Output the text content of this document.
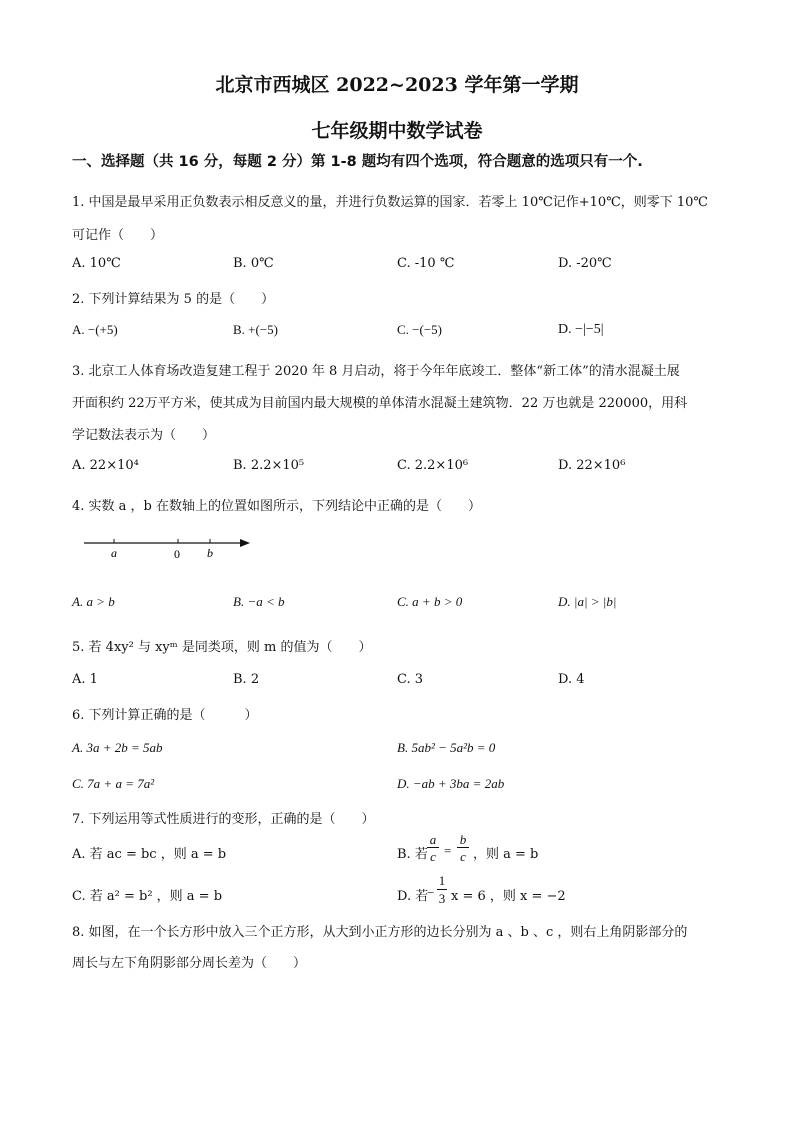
北京市西城区 2022~2023 学年第一学期
七年级期中数学试卷
一、选择题（共 16 分，每题 2 分）第 1-8 题均有四个选项，符合题意的选项只有一个.
1. 中国是最早采用正负数表示相反意义的量，并进行负数运算的国家．若零上 10℃记作+10℃，则零下 10℃
可记作（　　）
A. 10℃	B. 0℃	C. -10 ℃	D. -20℃
2. 下列计算结果为 5 的是（　　）
A. −(+5)	B. +(−5)	C. −(−5)	D. −|−5|
3. 北京工人体育场改造复建工程于 2020 年 8 月启动，将于今年年底竣工．整体“新工体”的清水混凝土展
开面积约 22万平方米，使其成为目前国内最大规模的单体清水混凝土建筑物．22 万也就是 220000，用科
学记数法表示为（　　）
A. 22×10⁴	B. 2.2×10⁵	C. 2.2×10⁶	D. 22×10⁶
4. 实数 a ，b 在数轴上的位置如图所示，下列结论中正确的是（　　）
a	0 b
A. a > b	B. −a < b	C. a + b > 0	D. |a| > |b|
5. 若 4xy² 与 xyᵐ 是同类项，则 m 的值为（　　）
A. 1	B. 2	C. 3	D. 4
6. 下列计算正确的是（　　　）
A. 3a + 2b = 5ab	B. 5ab² − 5a²b = 0
C. 7a + a = 7a²	D. −ab + 3ba = 2ab
7. 下列运用等式性质进行的变形，正确的是（　　）
A. 若 ac = bc ，则 a = b	B. 若
a
c =
b
c ，则 a = b
C. 若 a² = b² ，则 a = b	D. 若
−
1
3 x = 6 ，则 x = −2
8. 如图，在一个长方形中放入三个正方形，从大到小正方形的边长分别为 a 、b 、c ，则右上角阴影部分的
周长与左下角阴影部分周长差为（　　）
